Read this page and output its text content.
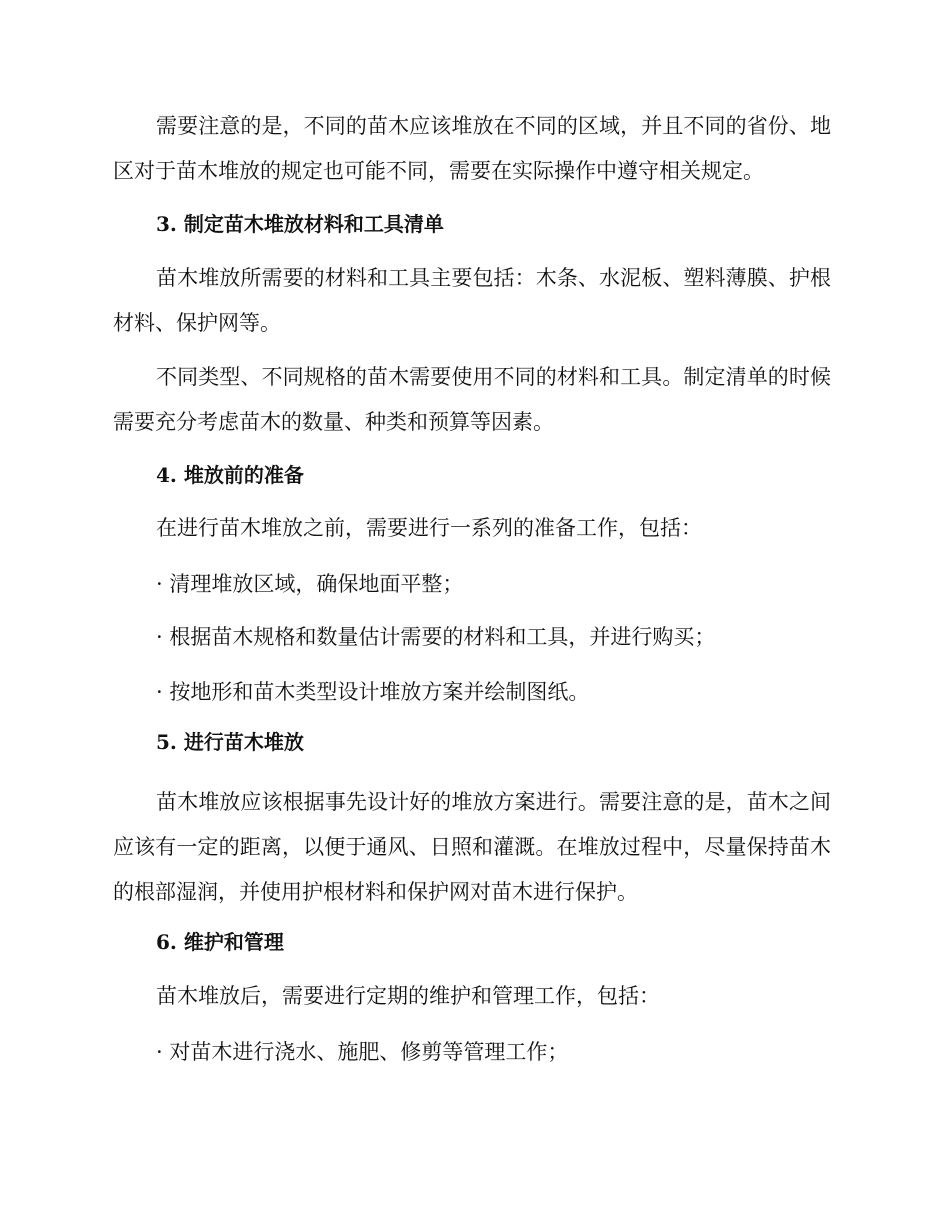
需要注意的是，不同的苗木应该堆放在不同的区域，并且不同的省份、地区对于苗木堆放的规定也可能不同，需要在实际操作中遵守相关规定。

3. 制定苗木堆放材料和工具清单

苗木堆放所需要的材料和工具主要包括：木条、水泥板、塑料薄膜、护根材料、保护网等。

不同类型、不同规格的苗木需要使用不同的材料和工具。制定清单的时候需要充分考虑苗木的数量、种类和预算等因素。

4. 堆放前的准备

在进行苗木堆放之前，需要进行一系列的准备工作，包括：

· 清理堆放区域，确保地面平整；

· 根据苗木规格和数量估计需要的材料和工具，并进行购买；

· 按地形和苗木类型设计堆放方案并绘制图纸。

5. 进行苗木堆放

苗木堆放应该根据事先设计好的堆放方案进行。需要注意的是，苗木之间应该有一定的距离，以便于通风、日照和灌溉。在堆放过程中，尽量保持苗木的根部湿润，并使用护根材料和保护网对苗木进行保护。

6. 维护和管理

苗木堆放后，需要进行定期的维护和管理工作，包括：

· 对苗木进行浇水、施肥、修剪等管理工作；
